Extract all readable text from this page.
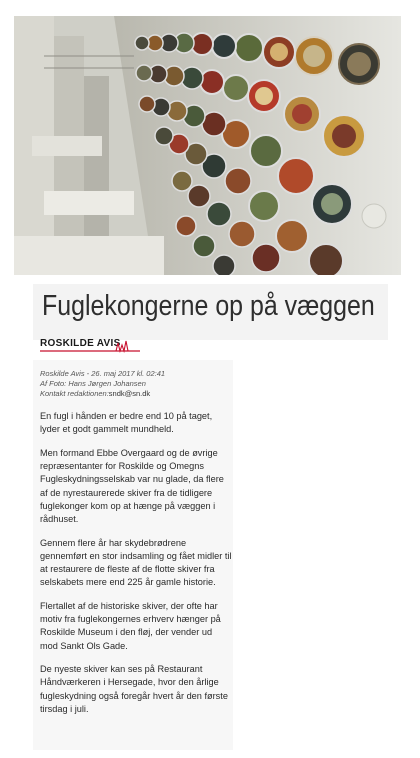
Fuglekongerne op på væggen
ROSKILDE AVIS
Roskilde Avis - 26. maj 2017 kl. 02:41
Af Foto: Hans Jørgen Johansen
Kontakt redaktionen:sndk@sn.dk

En fugl i hånden er bedre end 10 på taget, lyder et godt gammelt mundheld.

Men formand Ebbe Overgaard og de øvrige repræsentanter for Roskilde og Omegns Fugleskydningsselskab var nu glade, da flere af de nyrestaurerede skiver fra de tidligere fuglekonger kom op at hænge på væggen i rådhuset.

Gennem flere år har skydebrødrene gennemført en stor indsamling og fået midler til at restaurere de fleste af de flotte skiver fra selskabets mere end 225 år gamle historie.

Flertallet af de historiske skiver, der ofte har motiv fra fuglekongernes erhverv hænger på Roskilde Museum i den fløj, der vender ud mod Sankt Ols Gade.

De nyeste skiver kan ses på Restaurant Håndværkeren i Hersegade, hvor den årlige fugleskydning også foregår hvert år den første tirsdag i juli.
